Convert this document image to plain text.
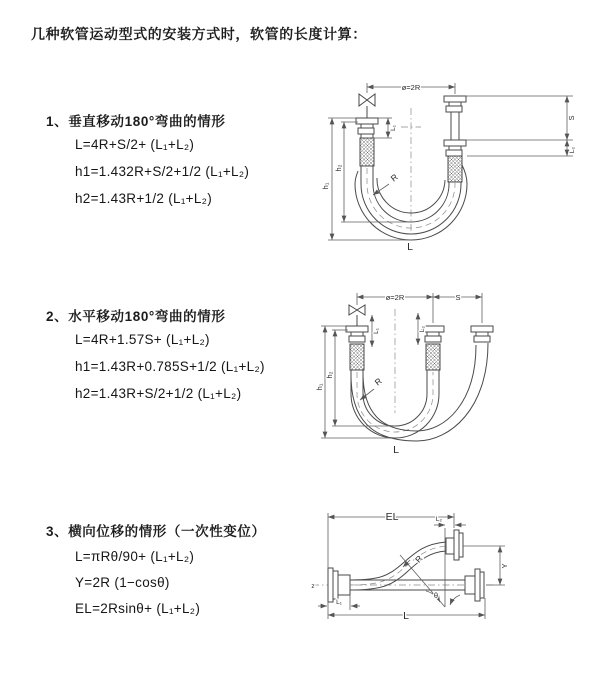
几种软管运动型式的安装方式时，软管的长度计算：
1、垂直移动180°弯曲的情形
L=4R+S/2+ (L₁+L₂)
h1=1.432R+S/2+1/2 (L₁+L₂)
h2=1.43R+1/2 (L₁+L₂)
2、水平移动180°弯曲的情形
L=4R+1.57S+ (L₁+L₂)
h1=1.43R+0.785S+1/2 (L₁+L₂)
h2=1.43R+S/2+1/2 (L₁+L₂)
3、横向位移的情形（一次性变位）
L=πRθ/90+ (L₁+L₂)
Y=2R (1−cosθ)
EL=2Rsinθ+ (L₁+L₂)
ø=2R
h₁
h₂
L₁
S
L₂
R
L
ø=2R	S
L₁	L₂
h₁
h₂
R
L
z
EL	L₂
Y
R
θ
L₁
L
